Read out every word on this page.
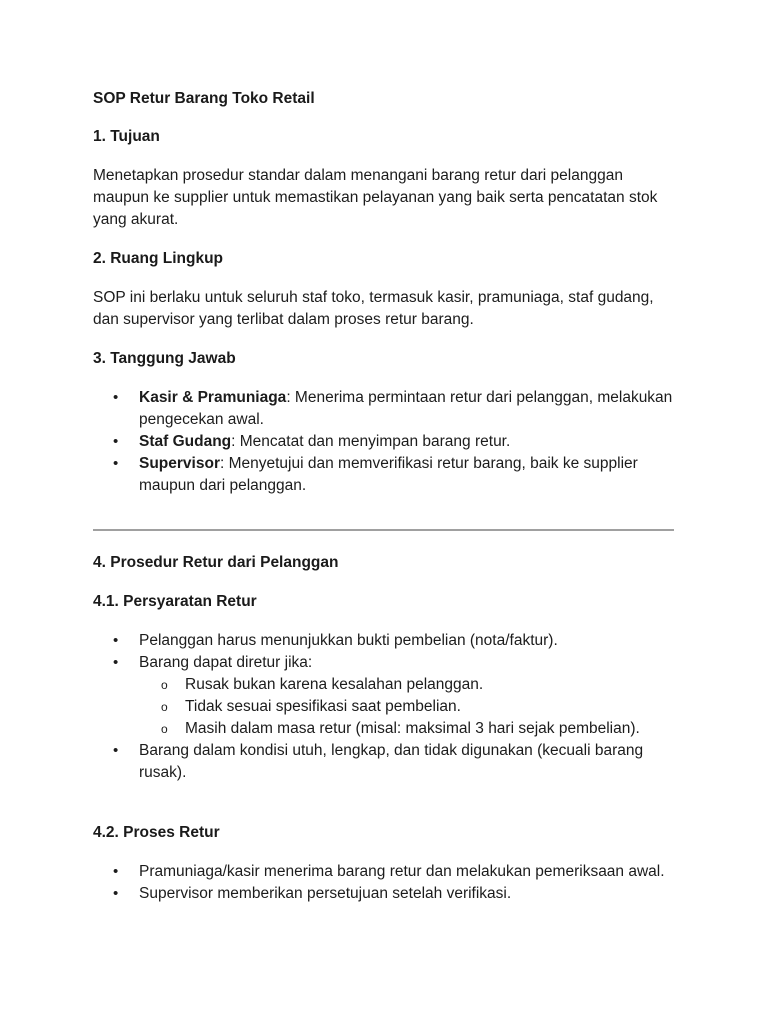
SOP Retur Barang Toko Retail
1. Tujuan

Menetapkan prosedur standar dalam menangani barang retur dari pelanggan maupun ke supplier untuk memastikan pelayanan yang baik serta pencatatan stok yang akurat.

2. Ruang Lingkup

SOP ini berlaku untuk seluruh staf toko, termasuk kasir, pramuniaga, staf gudang, dan supervisor yang terlibat dalam proses retur barang.

3. Tanggung Jawab
• Kasir & Pramuniaga: Menerima permintaan retur dari pelanggan, melakukan pengecekan awal.
• Staf Gudang: Mencatat dan menyimpan barang retur.
• Supervisor: Menyetujui dan memverifikasi retur barang, baik ke supplier maupun dari pelanggan.
4. Prosedur Retur dari Pelanggan
4.1. Persyaratan Retur
• Pelanggan harus menunjukkan bukti pembelian (nota/faktur).
• Barang dapat diretur jika:
o Rusak bukan karena kesalahan pelanggan.
o Tidak sesuai spesifikasi saat pembelian.
o Masih dalam masa retur (misal: maksimal 3 hari sejak pembelian).
• Barang dalam kondisi utuh, lengkap, dan tidak digunakan (kecuali barang rusak).
4.2. Proses Retur
• Pramuniaga/kasir menerima barang retur dan melakukan pemeriksaan awal.
• Supervisor memberikan persetujuan setelah verifikasi.
